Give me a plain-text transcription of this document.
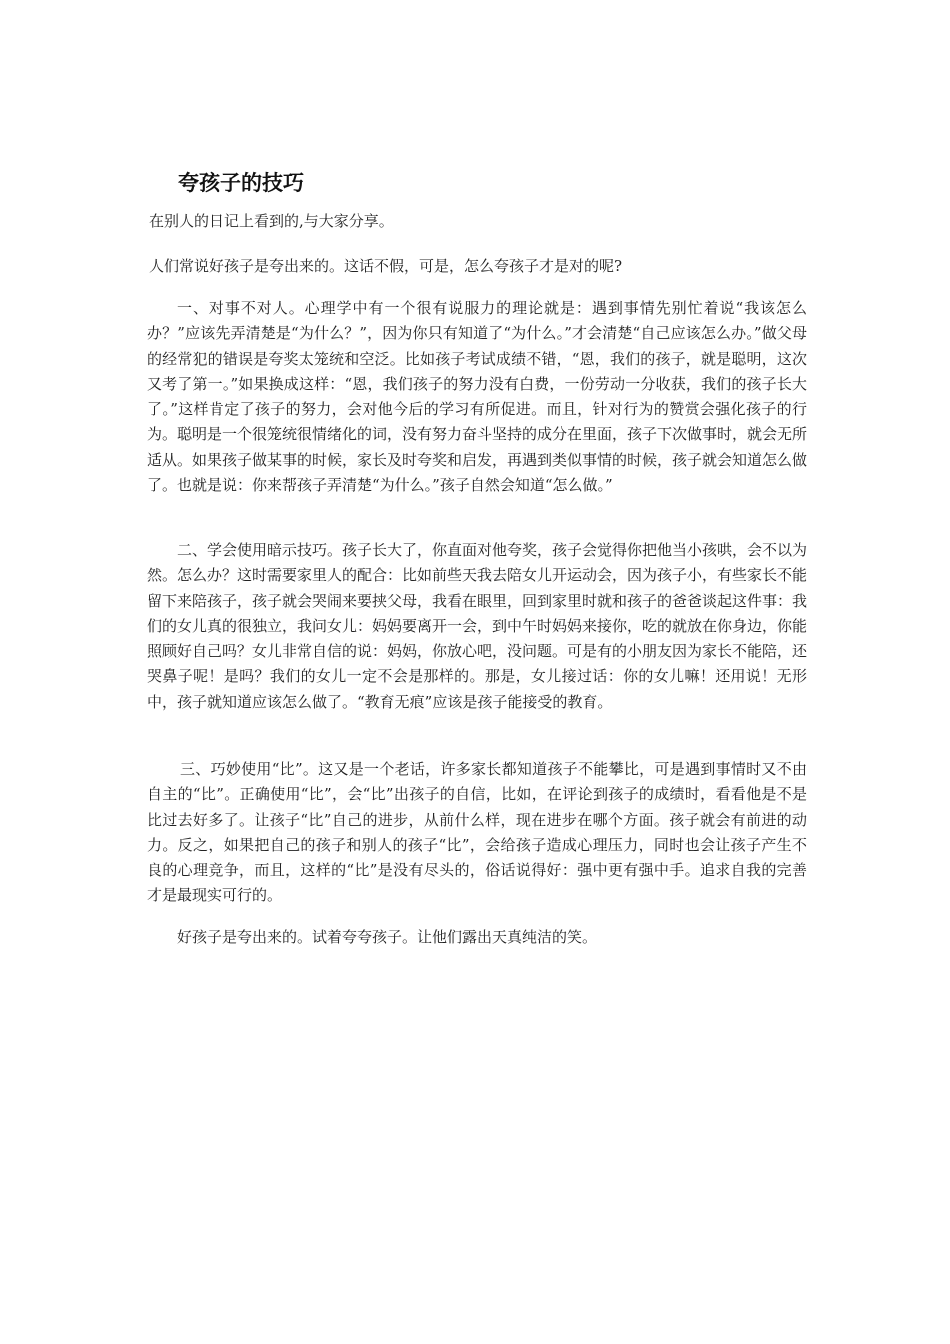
夸孩子的技巧

在别人的日记上看到的,与大家分享。

人们常说好孩子是夸出来的。这话不假，可是，怎么夸孩子才是对的呢?

一、对事不对人。心理学中有一个很有说服力的理论就是：遇到事情先别忙着说“我该怎么办？”应该先弄清楚是“为什么？”，因为你只有知道了“为什么。”才会清楚“自己应该怎么办。”做父母的经常犯的错误是夸奖太笼统和空泛。比如孩子考试成绩不错，“恩，我们的孩子，就是聪明，这次又考了第一。”如果换成这样：“恩，我们孩子的努力没有白费，一份劳动一分收获，我们的孩子长大了。”这样肯定了孩子的努力，会对他今后的学习有所促进。而且，针对行为的赞赏会强化孩子的行为。聪明是一个很笼统很情绪化的词，没有努力奋斗坚持的成分在里面，孩子下次做事时，就会无所适从。如果孩子做某事的时候，家长及时夸奖和启发，再遇到类似事情的时候，孩子就会知道怎么做了。也就是说：你来帮孩子弄清楚“为什么。”孩子自然会知道“怎么做。”

二、学会使用暗示技巧。孩子长大了，你直面对他夸奖，孩子会觉得你把他当小孩哄，会不以为然。怎么办？这时需要家里人的配合：比如前些天我去陪女儿开运动会，因为孩子小，有些家长不能留下来陪孩子，孩子就会哭闹来要挟父母，我看在眼里，回到家里时就和孩子的爸爸谈起这件事：我们的女儿真的很独立，我问女儿：妈妈要离开一会，到中午时妈妈来接你，吃的就放在你身边，你能照顾好自己吗？女儿非常自信的说：妈妈，你放心吧，没问题。可是有的小朋友因为家长不能陪，还哭鼻子呢！是吗？我们的女儿一定不会是那样的。那是，女儿接过话：你的女儿嘛！还用说！无形中，孩子就知道应该怎么做了。“教育无痕”应该是孩子能接受的教育。

三、巧妙使用“比”。这又是一个老话，许多家长都知道孩子不能攀比，可是遇到事情时又不由自主的“比”。正确使用“比”，会“比”出孩子的自信，比如，在评论到孩子的成绩时，看看他是不是比过去好多了。让孩子“比”自己的进步，从前什么样，现在进步在哪个方面。孩子就会有前进的动力。反之，如果把自己的孩子和别人的孩子“比”，会给孩子造成心理压力，同时也会让孩子产生不良的心理竞争，而且，这样的“比”是没有尽头的，俗话说得好：强中更有强中手。追求自我的完善才是最现实可行的。

好孩子是夸出来的。试着夸夸孩子。让他们露出天真纯洁的笑。
